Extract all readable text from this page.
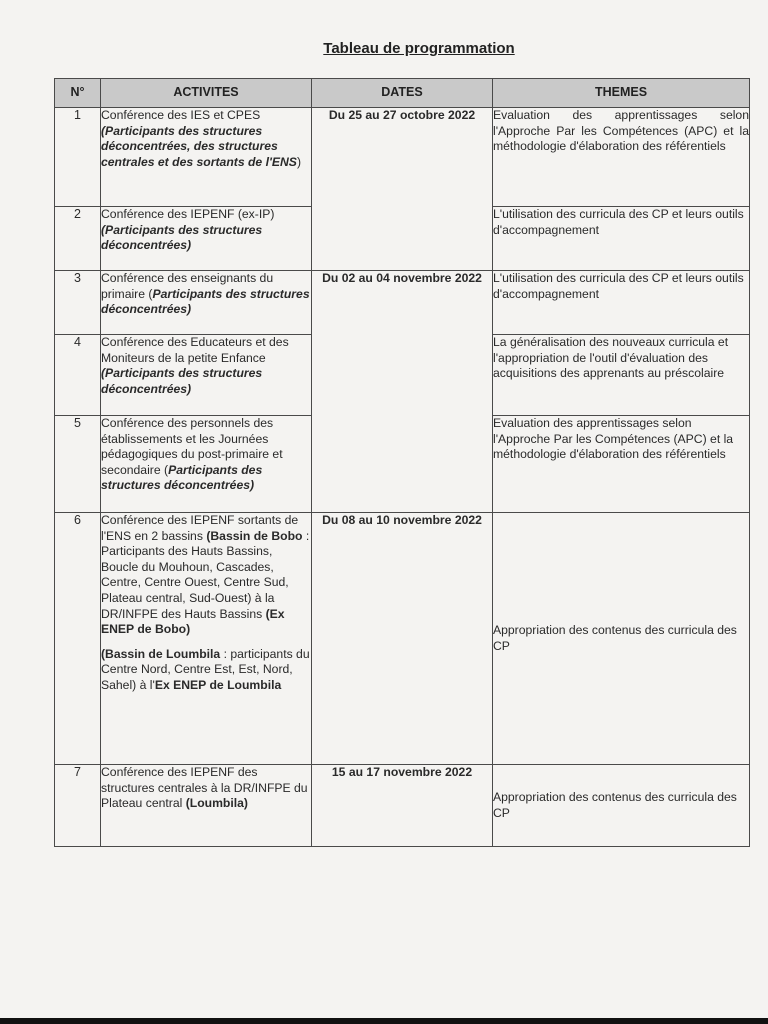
Tableau de programmation
N°	ACTIVITES	DATES	THEMES
1	Conférence des IES et CPES (Participants des structures déconcentrées, des structures centrales et des sortants de l'ENS)	Du 25 au 27 octobre 2022	Evaluation des apprentissages selon l'Approche Par les Compétences (APC) et la méthodologie d'élaboration des référentiels
2	Conférence des IEPENF (ex-IP) (Participants des structures déconcentrées)		L'utilisation des curricula des CP et leurs outils d'accompagnement
3	Conférence des enseignants du primaire (Participants des structures déconcentrées)	Du 02 au 04 novembre 2022	L'utilisation des curricula des CP et leurs outils d'accompagnement
4	Conférence des Educateurs et des Moniteurs de la petite Enfance (Participants des structures déconcentrées)		La généralisation des nouveaux curricula et l'appropriation de l'outil d'évaluation des acquisitions des apprenants au préscolaire
5	Conférence des personnels des établissements et les Journées pédagogiques du post-primaire et secondaire (Participants des structures déconcentrées)		Evaluation des apprentissages selon l'Approche Par les Compétences (APC) et la méthodologie d'élaboration des référentiels
6	Conférence des IEPENF sortants de l'ENS en 2 bassins (Bassin de Bobo : Participants des Hauts Bassins, Boucle du Mouhoun, Cascades, Centre, Centre Ouest, Centre Sud, Plateau central, Sud-Ouest) à la DR/INFPE des Hauts Bassins (Ex ENEP de Bobo)
(Bassin de Loumbila : participants du Centre Nord, Centre Est, Est, Nord, Sahel) à l'Ex ENEP de Loumbila	Du 08 au 10 novembre 2022	Appropriation des contenus des curricula des CP
7	Conférence des IEPENF des structures centrales à la DR/INFPE du Plateau central (Loumbila)	15 au 17 novembre 2022	Appropriation des contenus des curricula des CP
